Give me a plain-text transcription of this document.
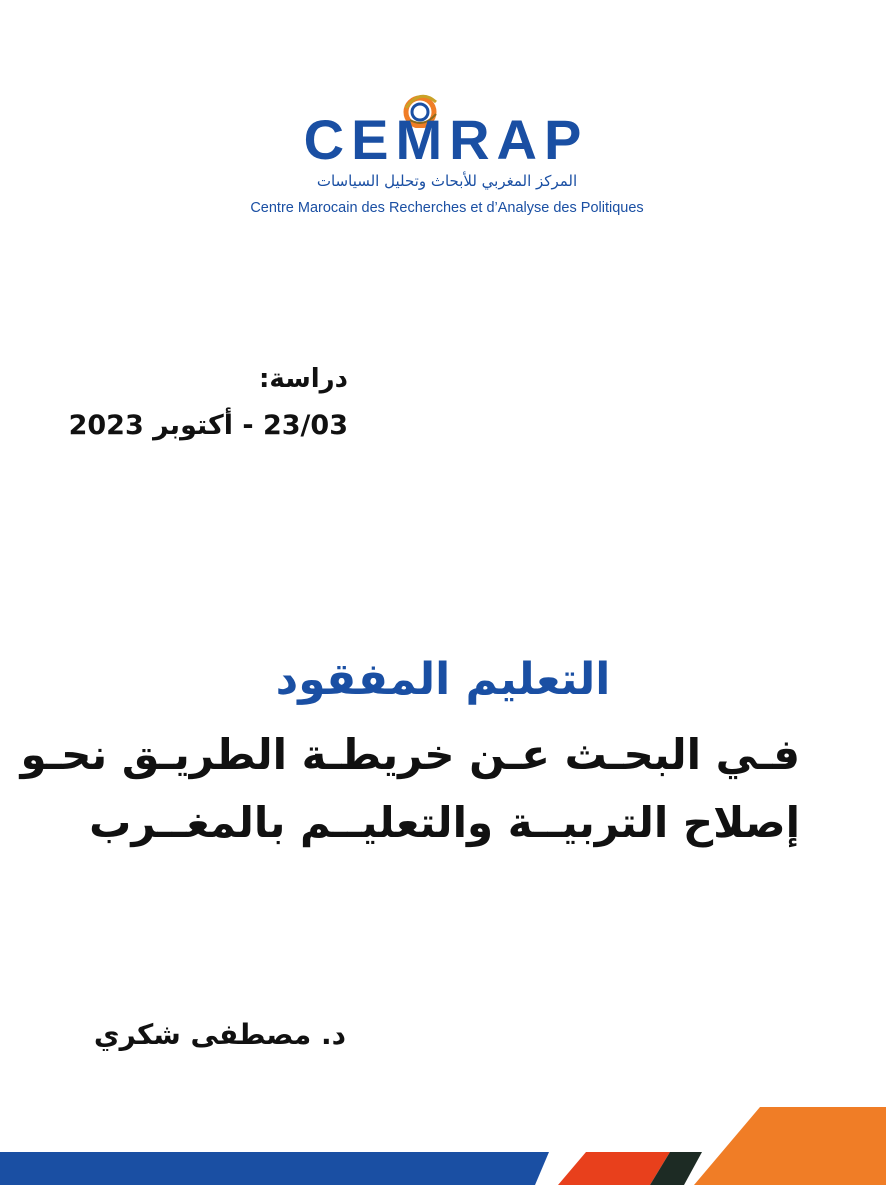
CEMRAP
المركز المغربي للأبحاث وتحليل السياسات
Centre Marocain des Recherches et d’Analyse des Politiques
دراسة:
23/03 - أكتوبر 2023
التعليم المفقود
فـي البحـث عـن خريطـة الطريـق نحـو
إصلاح التربيــة والتعليــم بالمغــرب
د. مصطفى شكري
